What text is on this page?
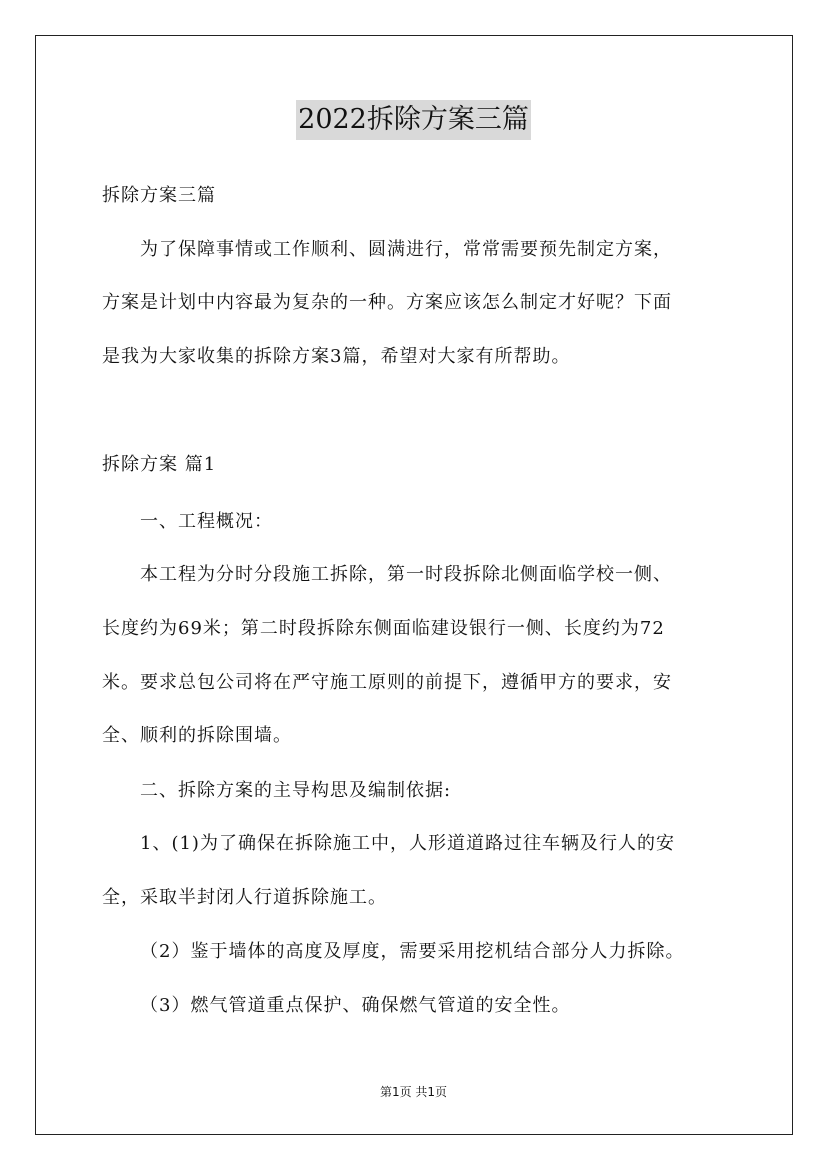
2022拆除方案三篇
拆除方案三篇
为了保障事情或工作顺利、圆满进行，常常需要预先制定方案，
方案是计划中内容最为复杂的一种。方案应该怎么制定才好呢？下面
是我为大家收集的拆除方案3篇，希望对大家有所帮助。
拆除方案 篇1
一、工程概况：
本工程为分时分段施工拆除，第一时段拆除北侧面临学校一侧、
长度约为69米；第二时段拆除东侧面临建设银行一侧、长度约为72
米。要求总包公司将在严守施工原则的前提下，遵循甲方的要求，安
全、顺利的拆除围墙。
二、拆除方案的主导构思及编制依据:
1、(1)为了确保在拆除施工中，人形道道路过往车辆及行人的安
全，采取半封闭人行道拆除施工。
（2）鉴于墙体的高度及厚度，需要采用挖机结合部分人力拆除。
（3）燃气管道重点保护、确保燃气管道的安全性。
第1页 共1页
